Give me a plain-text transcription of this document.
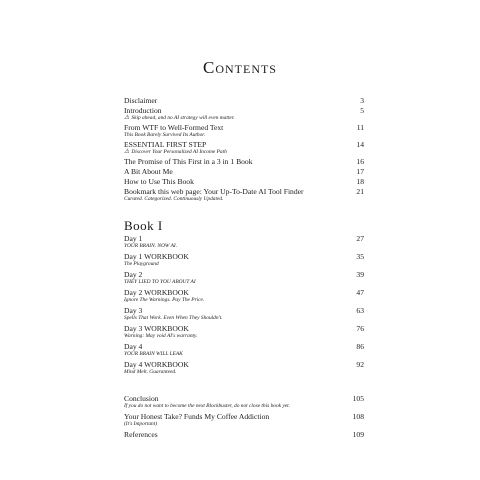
Contents
Disclaimer	3
Introduction	5
⚠ Skip ahead, and no AI strategy will even matter.
From WTF to Well-Formed Text	11
This Book Barely Survived Its Author.
ESSENTIAL FIRST STEP	14
⚠ Discover Your Personalized AI Income Path
The Promise of This First in a 3 in 1 Book	16
A Bit About Me	17
How to Use This Book	18
Bookmark this web page: Your Up-To-Date AI Tool Finder	21
Curated. Categorized. Continuously Updated.
Book I
Day 1	27
YOUR BRAIN. NOW AI.
Day 1 WORKBOOK	35
The Playground
Day 2	39
THEY LIED TO YOU ABOUT AI
Day 2 WORKBOOK	47
Ignore The Warnings. Pay The Price.
Day 3	63
Spells That Work. Even When They Shouldn't.
Day 3 WORKBOOK	76
Warning: May void AI's warranty.
Day 4	86
YOUR BRAIN WILL LEAK
Day 4 WORKBOOK	92
Mind Melt. Guaranteed.
Conclusion	105
If you do not want to become the next Blockbuster, do not close this book yet.
Your Honest Take? Funds My Coffee Addiction	108
(It's Important)
References	109
